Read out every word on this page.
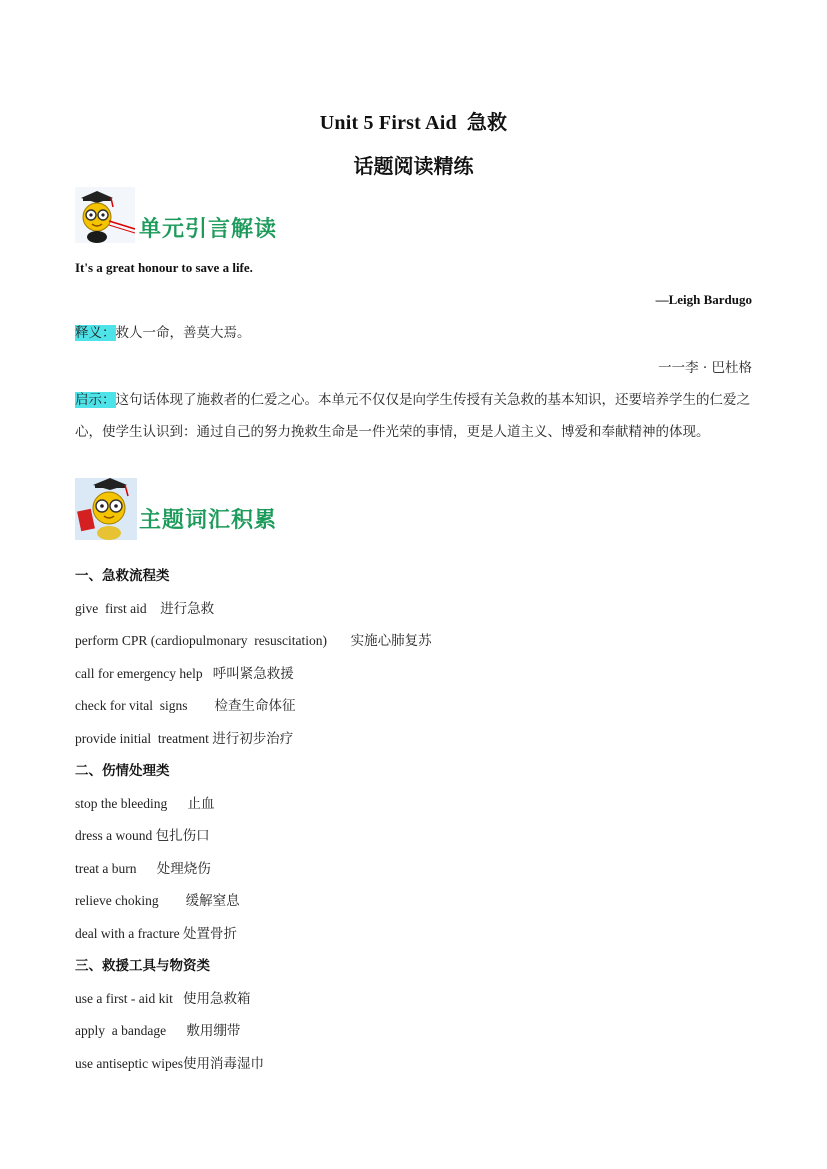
Unit 5 First Aid 急救
话题阅读精练
单元引言解读
It's a great honour to save a life.
—Leigh Bardugo
释义：救人一命，善莫大焉。
一一李 · 巴杜格
启示：这句话体现了施救者的仁爱之心。本单元不仅仅是向学生传授有关急救的基本知识，还要培养学生的仁爱之心，使学生认识到：通过自己的努力挽救生命是一件光荣的事情，更是人道主义、博爱和奉献精神的体现。
主题词汇积累
一、急救流程类
give  first aid 进行急救
perform CPR (cardiopulmonary  resuscitation) 实施心肺复苏
call for emergency help 呼叫紧急救援
check for vital  signs 检查生命体征
provide initial  treatment 进行初步治疗
二、伤情处理类
stop the bleeding 止血
dress a wound 包扎伤口
treat a burn 处理烧伤
relieve choking 缓解窒息
deal with a fracture 处置骨折
三、救援工具与物资类
use a first - aid kit 使用急救箱
apply  a bandage 敷用绷带
use antiseptic wipes使用消毒湿巾
